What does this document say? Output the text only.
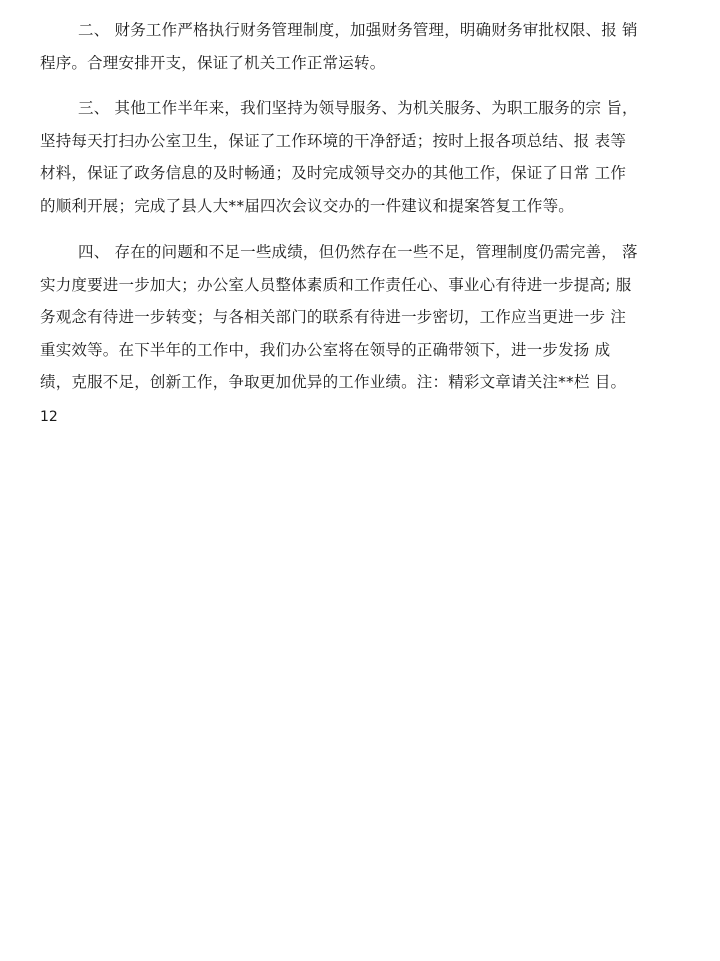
二、 财务工作严格执行财务管理制度，加强财务管理，明确财务审批权限、报 销
程序。合理安排开支，保证了机关工作正常运转。
三、 其他工作半年来，我们坚持为领导服务、为机关服务、为职工服务的宗 旨，
坚持每天打扫办公室卫生，保证了工作环境的干净舒适；按时上报各项总结、报 表等
材料，保证了政务信息的及时畅通；及时完成领导交办的其他工作，保证了日常 工作
的顺利开展；完成了县人大**届四次会议交办的一件建议和提案答复工作等。
四、 存在的问题和不足一些成绩，但仍然存在一些不足，管理制度仍需完善， 落
实力度要进一步加大；办公室人员整体素质和工作责任心、事业心有待进一步提高; 服
务观念有待进一步转变；与各相关部门的联系有待进一步密切，工作应当更进一步 注
重实效等。在下半年的工作中，我们办公室将在领导的正确带领下，进一步发扬 成
绩，克服不足，创新工作，争取更加优异的工作业绩。注：精彩文章请关注**栏 目。
12
